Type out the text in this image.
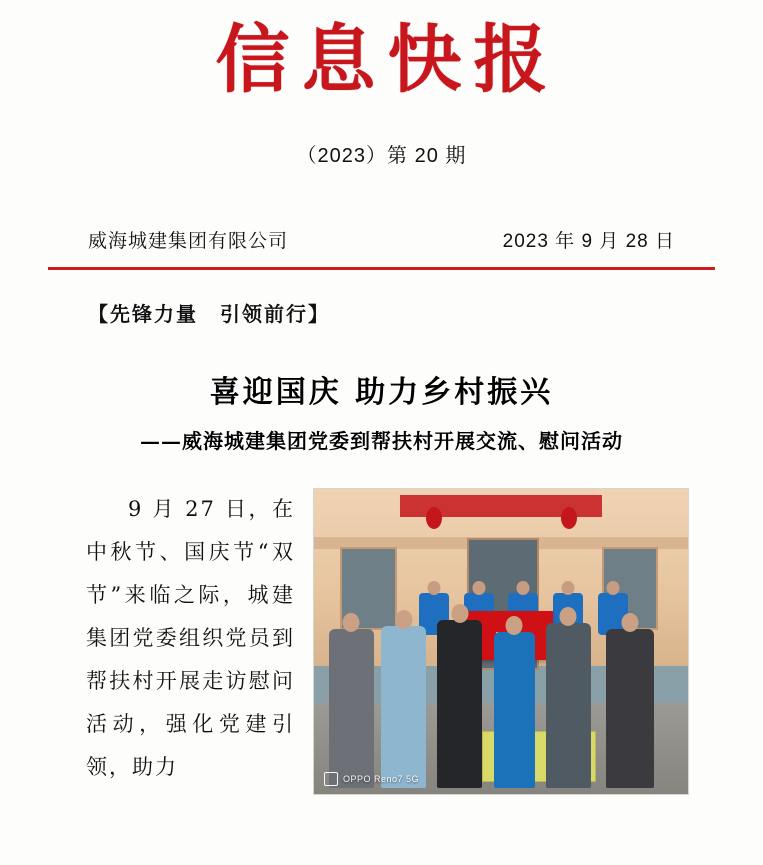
信息快报
（2023）第 20 期
威海城建集团有限公司	2023 年 9 月 28 日
【先锋力量　引领前行】
喜迎国庆 助力乡村振兴
——威海城建集团党委到帮扶村开展交流、慰问活动

9 月 27 日，在中秋节、国庆节“双节”来临之际，城建集团党委组织党员到帮扶村开展走访慰问活动，强化党建引领，助力	OPPO Reno7 5G
